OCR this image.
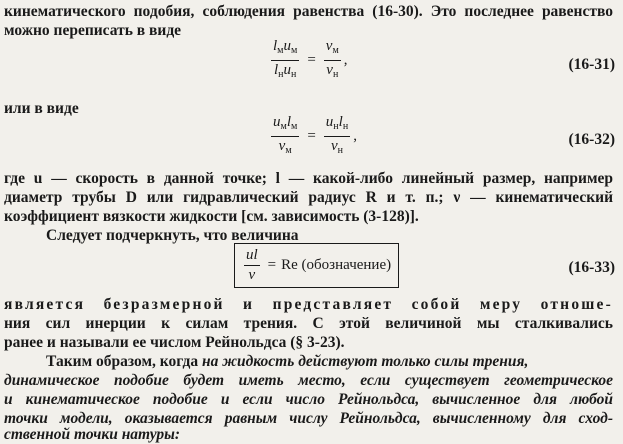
кинематического подобия, соблюдения равенства (16-30). Это последнее равенство
можно переписать в виде
$\frac{l_мu_м}{l_нu_н} = \frac{\nu_м}{\nu_н}$ ,	(16-31)
или в виде
$\frac{u_мl_м}{\nu_м} = \frac{u_нl_н}{\nu_н}$ ,	(16-32)
где u — скорость в данной точке; l — какой-либо линейный размер, например
диаметр трубы D или гидравлический радиус R и т. п.; ν — кинематический
коэффициент вязкости жидкости [см. зависимость (3-128)].
Следует подчеркнуть, что величина
$\frac{ul}{\nu} = Re$ (обозначение)	(16-33)
является безразмерной и представляет собой меру отноше-
ния сил инерции к силам трения. С этой величиной мы сталкивались
ранее и называли ее числом Рейнольдса (§ 3-23).
Таким образом, когда на жидкость действуют только силы трения,
динамическое подобие будет иметь место, если существует геометрическое
и кинематическое подобие и если число Рейнольдса, вычисленное для любой
точки модели, оказывается равным числу Рейнольдса, вычисленному для сход-
ственной точки натуры:
